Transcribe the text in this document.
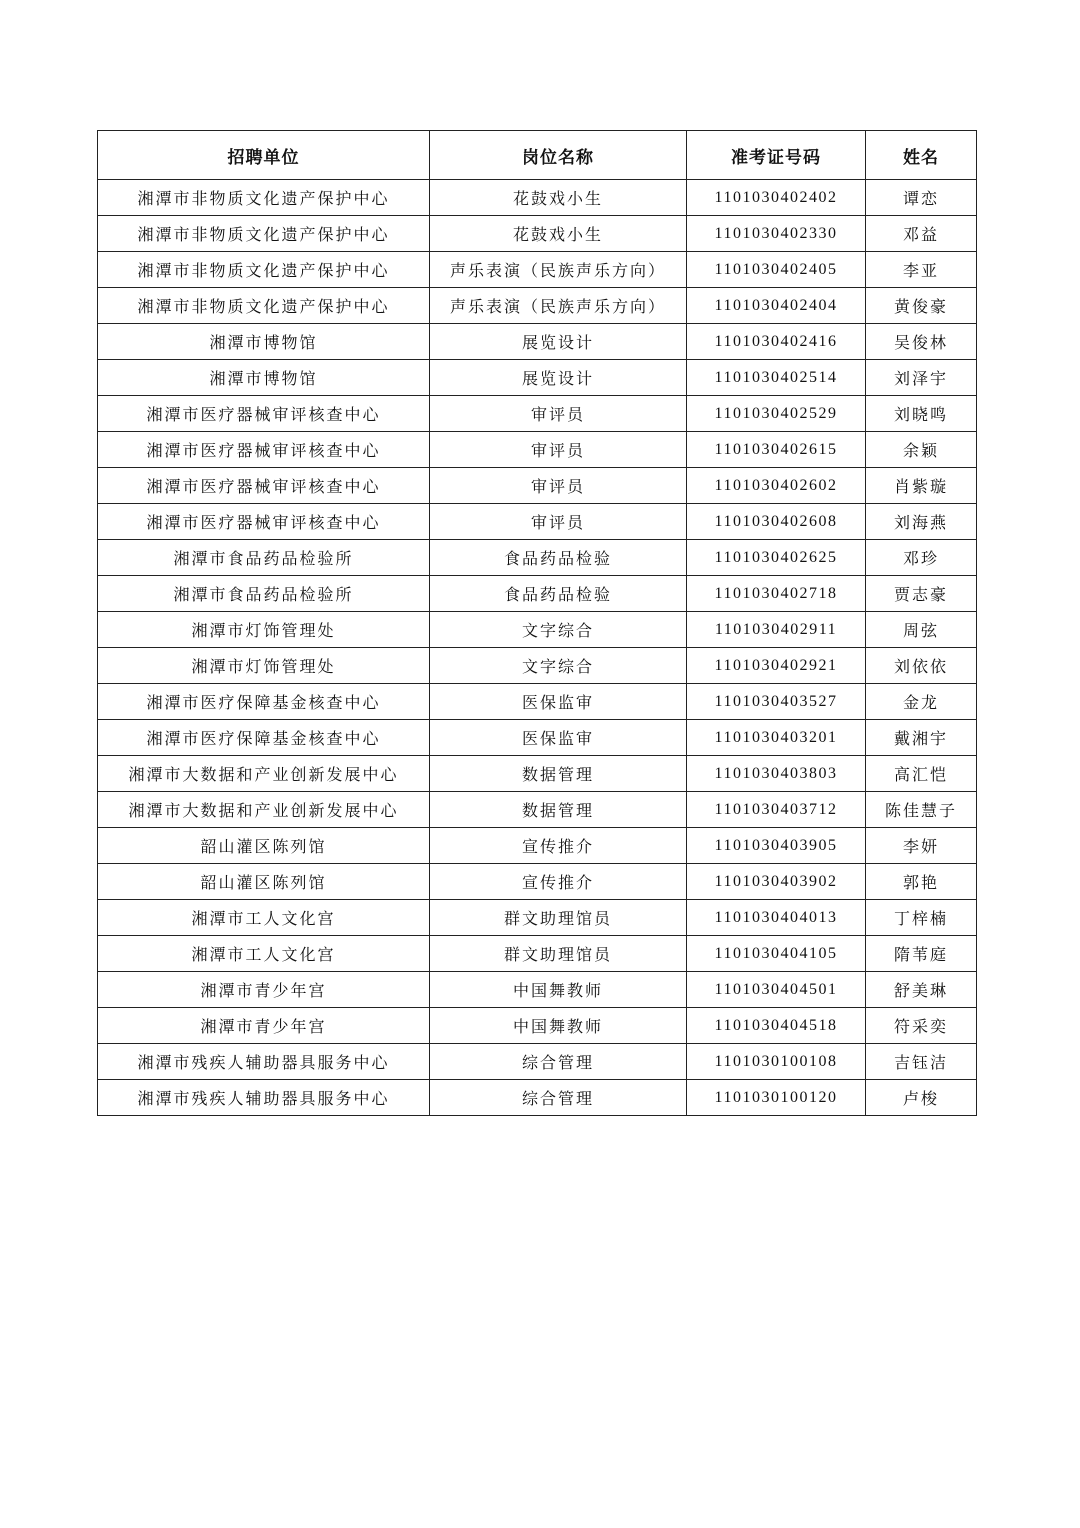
招聘单位	岗位名称	准考证号码	姓名
湘潭市非物质文化遗产保护中心	花鼓戏小生	1101030402402	谭恋
湘潭市非物质文化遗产保护中心	花鼓戏小生	1101030402330	邓益
湘潭市非物质文化遗产保护中心	声乐表演（民族声乐方向）	1101030402405	李亚
湘潭市非物质文化遗产保护中心	声乐表演（民族声乐方向）	1101030402404	黄俊豪
湘潭市博物馆	展览设计	1101030402416	吴俊林
湘潭市博物馆	展览设计	1101030402514	刘泽宇
湘潭市医疗器械审评核查中心	审评员	1101030402529	刘晓鸣
湘潭市医疗器械审评核查中心	审评员	1101030402615	余颖
湘潭市医疗器械审评核查中心	审评员	1101030402602	肖紫璇
湘潭市医疗器械审评核查中心	审评员	1101030402608	刘海燕
湘潭市食品药品检验所	食品药品检验	1101030402625	邓珍
湘潭市食品药品检验所	食品药品检验	1101030402718	贾志豪
湘潭市灯饰管理处	文字综合	1101030402911	周弦
湘潭市灯饰管理处	文字综合	1101030402921	刘依依
湘潭市医疗保障基金核查中心	医保监审	1101030403527	金龙
湘潭市医疗保障基金核查中心	医保监审	1101030403201	戴湘宇
湘潭市大数据和产业创新发展中心	数据管理	1101030403803	高汇恺
湘潭市大数据和产业创新发展中心	数据管理	1101030403712	陈佳慧子
韶山灌区陈列馆	宣传推介	1101030403905	李妍
韶山灌区陈列馆	宣传推介	1101030403902	郭艳
湘潭市工人文化宫	群文助理馆员	1101030404013	丁梓楠
湘潭市工人文化宫	群文助理馆员	1101030404105	隋苇庭
湘潭市青少年宫	中国舞教师	1101030404501	舒美琳
湘潭市青少年宫	中国舞教师	1101030404518	符采奕
湘潭市残疾人辅助器具服务中心	综合管理	1101030100108	吉钰洁
湘潭市残疾人辅助器具服务中心	综合管理	1101030100120	卢梭
